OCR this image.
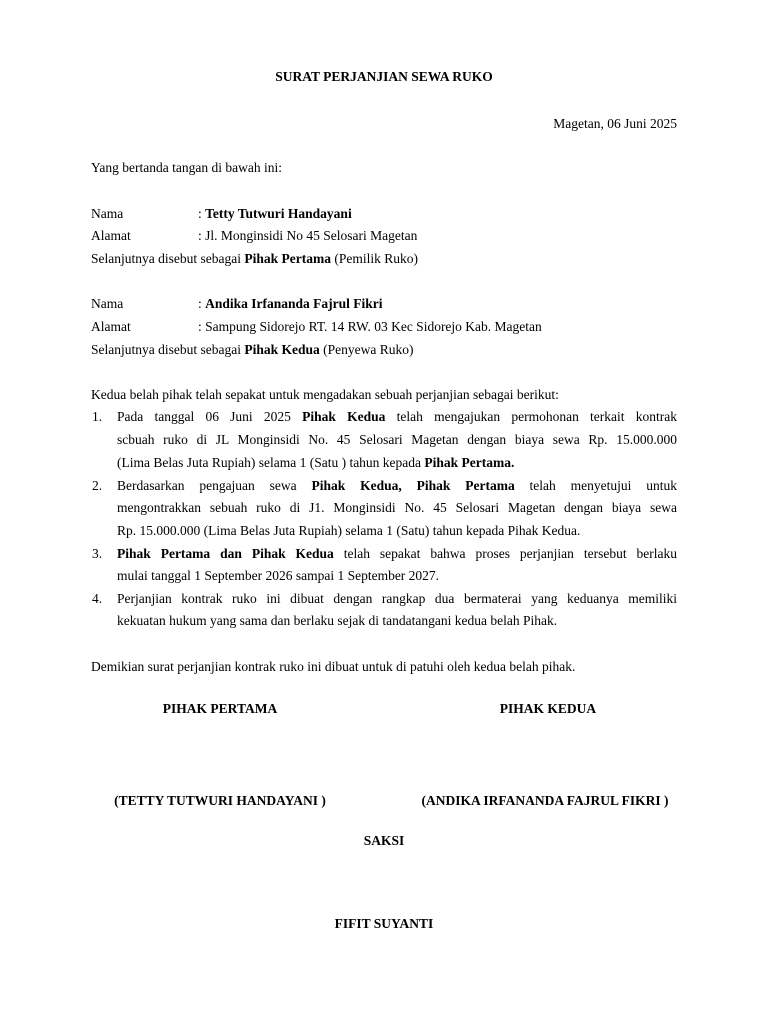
SURAT PERJANJIAN SEWA RUKO
Magetan, 06 Juni 2025
Yang bertanda tangan di bawah ini:
Nama	: Tetty Tutwuri Handayani
Alamat	: Jl. Monginsidi No 45 Selosari Magetan
Selanjutnya disebut sebagai Pihak Pertama (Pemilik Ruko)
Nama	: Andika Irfananda Fajrul Fikri
Alamat	: Sampung Sidorejo RT. 14 RW. 03 Kec Sidorejo Kab. Magetan
Selanjutnya disebut sebagai Pihak Kedua (Penyewa Ruko)
Kedua belah pihak telah sepakat untuk mengadakan sebuah perjanjian sebagai berikut:
1. Pada tanggal 06 Juni 2025 Pihak Kedua telah mengajukan permohonan terkait kontrak
scbuah ruko di JL Monginsidi No. 45 Selosari Magetan dengan biaya sewa Rp. 15.000.000
(Lima Belas Juta Rupiah) selama 1 (Satu ) tahun kepada Pihak Pertama.
2. Berdasarkan pengajuan sewa Pihak Kedua, Pihak Pertama telah menyetujui untuk
mengontrakkan sebuah ruko di J1. Monginsidi No. 45 Selosari Magetan dengan biaya sewa
Rp. 15.000.000 (Lima Belas Juta Rupiah) selama 1 (Satu) tahun kepada Pihak Kedua.
3. Pihak Pertama dan Pihak Kedua telah sepakat bahwa proses perjanjian tersebut berlaku
mulai tanggal 1 September 2026 sampai 1 September 2027.
4. Perjanjian kontrak ruko ini dibuat dengan rangkap dua bermaterai yang keduanya memiliki
kekuatan hukum yang sama dan berlaku sejak di tandatangani kedua belah Pihak.
Demikian surat perjanjian kontrak ruko ini dibuat untuk di patuhi oleh kedua belah pihak.
PIHAK PERTAMA	PIHAK KEDUA
(TETTY TUTWURI HANDAYANI )	(ANDIKA IRFANANDA FAJRUL FIKRI )
SAKSI
FIFIT SUYANTI
